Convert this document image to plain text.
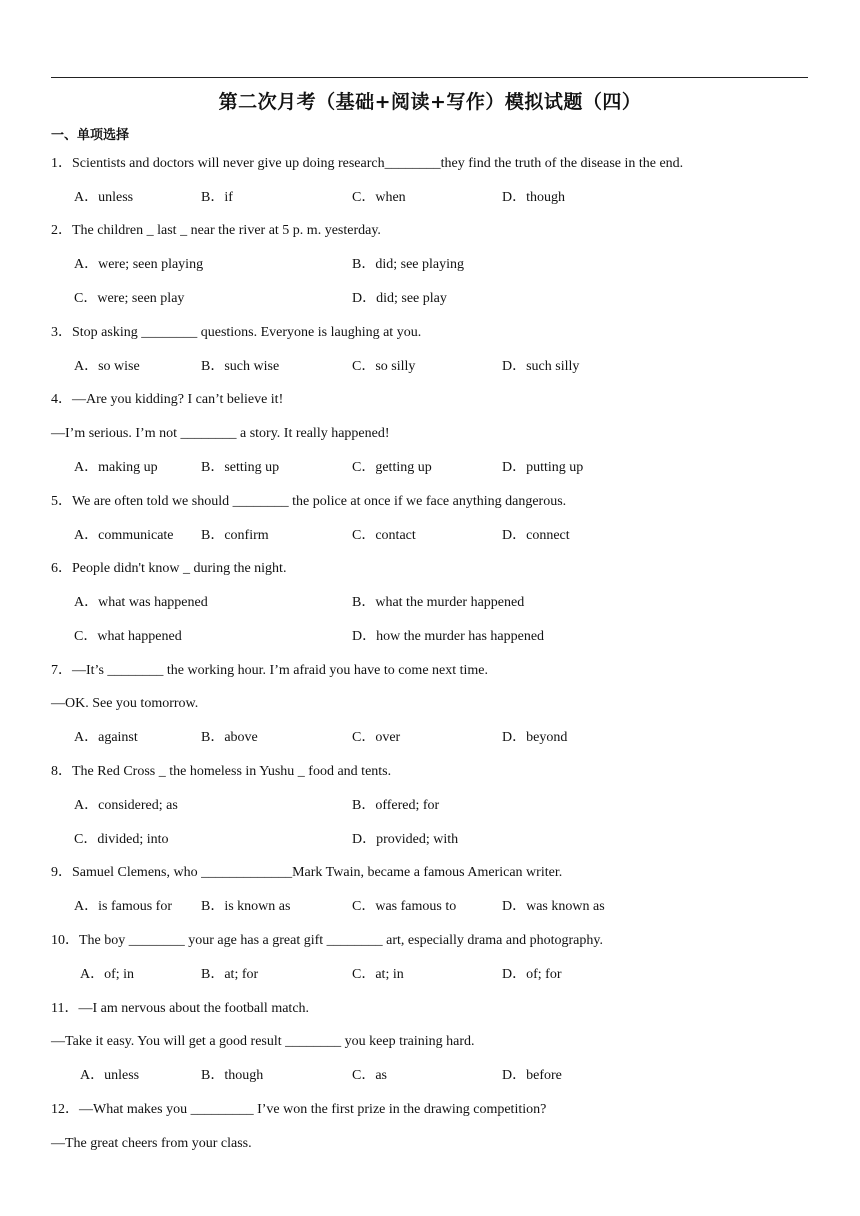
第二次月考（基础+阅读+写作）模拟试题（四）
一、单项选择
1．Scientists and doctors will never give up doing research________they find the truth of the disease in the end.
A．unless	B．if	C．when	D．though
2．The children _ last _ near the river at 5 p. m. yesterday.
A．were; seen playing	B．did; see playing
C．were; seen play	D．did; see play
3．Stop asking ________ questions. Everyone is laughing at you.
A．so wise	B．such wise	C．so silly	D．such silly
4．—Are you kidding? I can’t believe it!
—I’m serious. I’m not ________ a story. It really happened!
A．making up	B．setting up	C．getting up	D．putting up
5．We are often told we should ________ the police at once if we face anything dangerous.
A．communicate B．confirm	C．contact	D．connect
6．People didn't know _ during the night.
A．what was happened	B．what the murder happened
C．what happened	D．how the murder has happened
7．—It’s ________ the working hour. I’m afraid you have to come next time.
—OK. See you tomorrow.
A．against	B．above	C．over	D．beyond
8．The Red Cross _ the homeless in Yushu _ food and tents.
A．considered; as	B．offered; for
C．divided; into	D．provided; with
9．Samuel Clemens, who _____________Mark Twain, became a famous American writer.
A．is famous for B．is known as	C．was famous to	D．was known as
10．The boy ________ your age has a great gift ________ art, especially drama and photography.
A．of; in	B．at; for	C．at; in	D．of; for
11．—I am nervous about the football match.
—Take it easy. You will get a good result ________ you keep training hard.
A．unless	B．though	C．as	D．before
12．—What makes you _________ I’ve won the first prize in the drawing competition?
—The great cheers from your class.
